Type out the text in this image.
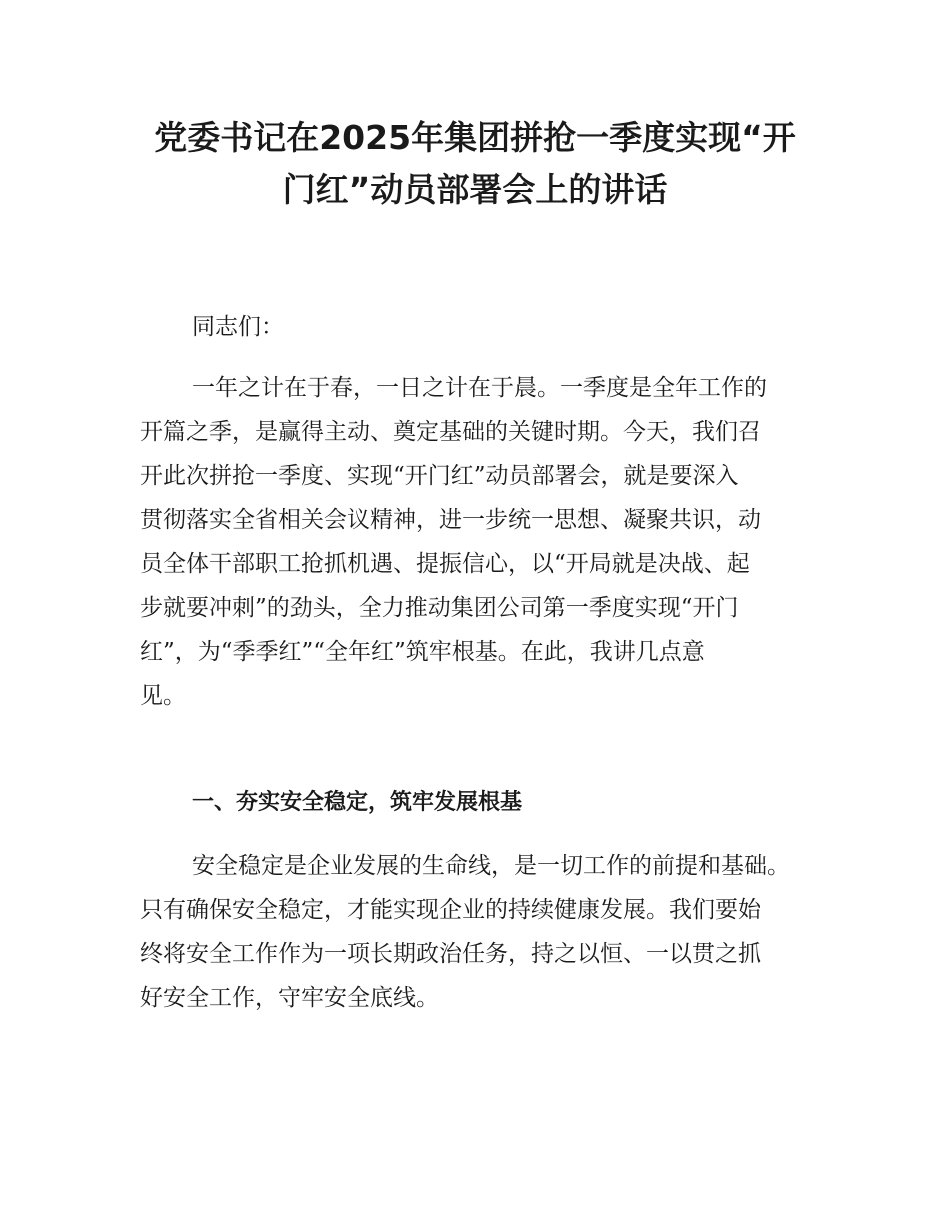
党委书记在2025年集团拼抢一季度实现“开
门红”动员部署会上的讲话

同志们：

一年之计在于春，一日之计在于晨。一季度是全年工作的
开篇之季，是赢得主动、奠定基础的关键时期。今天，我们召
开此次拼抢一季度、实现“开门红”动员部署会，就是要深入
贯彻落实全省相关会议精神，进一步统一思想、凝聚共识，动
员全体干部职工抢抓机遇、提振信心，以“开局就是决战、起
步就要冲刺”的劲头，全力推动集团公司第一季度实现“开门
红”，为“季季红”“全年红”筑牢根基。在此，我讲几点意
见。

一、夯实安全稳定，筑牢发展根基

安全稳定是企业发展的生命线，是一切工作的前提和基础。
只有确保安全稳定，才能实现企业的持续健康发展。我们要始
终将安全工作作为一项长期政治任务，持之以恒、一以贯之抓
好安全工作，守牢安全底线。
